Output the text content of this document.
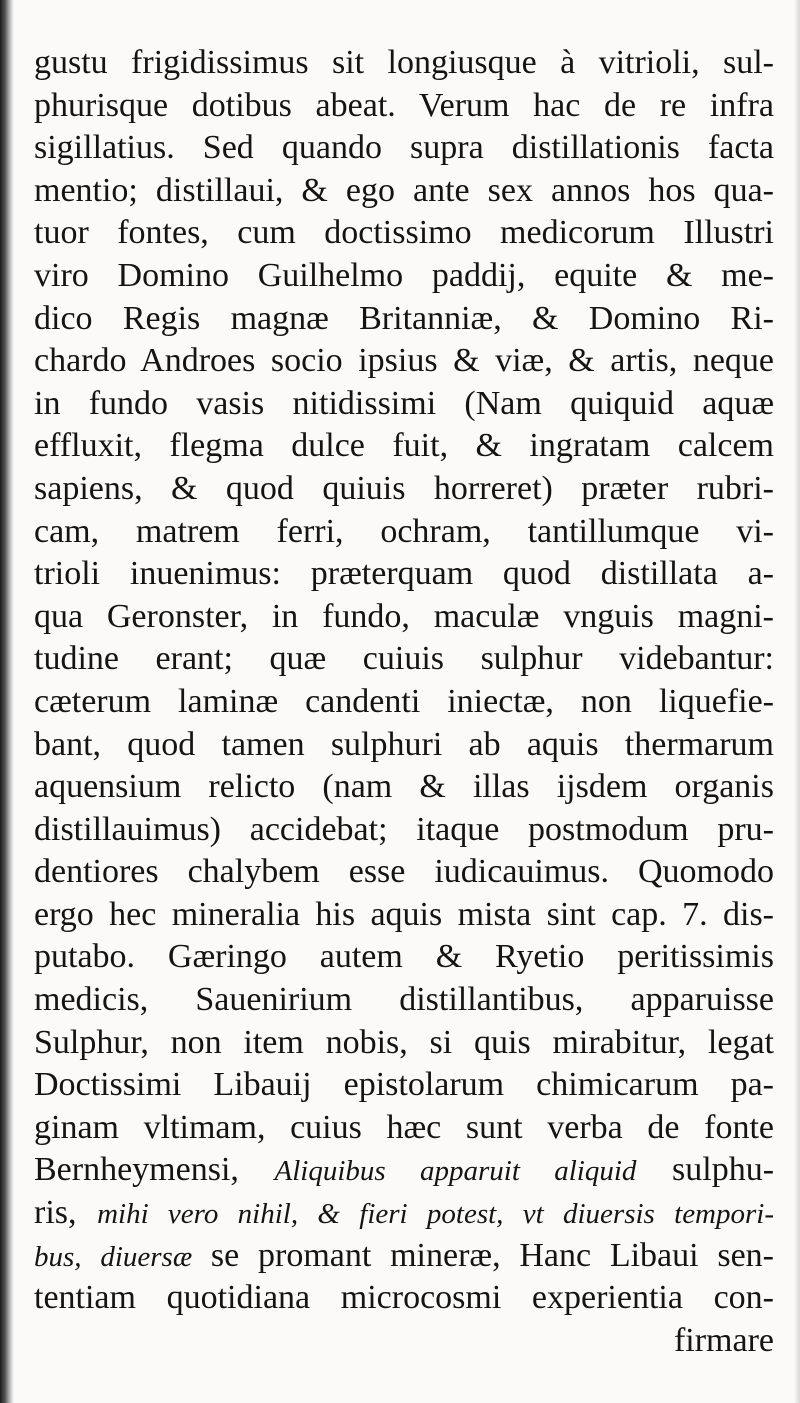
gustu frigidissimus sit longiusque à vitrioli, sul-
phurisque dotibus abeat. Verum hac de re infra
sigillatius. Sed quando supra distillationis facta
mentio; distillaui, & ego ante sex annos hos qua-
tuor fontes, cum doctissimo medicorum Illustri
viro Domino Guilhelmo paddij, equite & me-
dico Regis magnæ Britanniæ, & Domino Ri-
chardo Androes socio ipsius & viæ, & artis, neque
in fundo vasis nitidissimi (Nam quiquid aquæ
effluxit, flegma dulce fuit, & ingratam calcem
sapiens, & quod quiuis horreret) præter rubri-
cam, matrem ferri, ochram, tantillumque vi-
trioli inuenimus: præterquam quod distillata a-
qua Geronster, in fundo, maculæ vnguis magni-
tudine erant; quæ cuiuis sulphur videbantur:
cæterum laminæ candenti iniectæ, non liquefie-
bant, quod tamen sulphuri ab aquis thermarum
aquensium relicto (nam & illas ijsdem organis
distillauimus) accidebat; itaque postmodum pru-
dentiores chalybem esse iudicauimus. Quomodo
ergo hec mineralia his aquis mista sint cap. 7. dis-
putabo. Gæringo autem & Ryetio peritissimis
medicis, Sauenirium distillantibus, apparuisse
Sulphur, non item nobis, si quis mirabitur, legat
Doctissimi Libauij epistolarum chimicarum pa-
ginam vltimam, cuius hæc sunt verba de fonte
Bernheymensi, Aliquibus apparuit aliquid sulphu-
ris, mihi vero nihil, & fieri potest, vt diuersis tempori-
bus, diuersæ se promant mineræ, Hanc Libaui sen-
tentiam quotidiana microcosmi experientia con-
firmare
